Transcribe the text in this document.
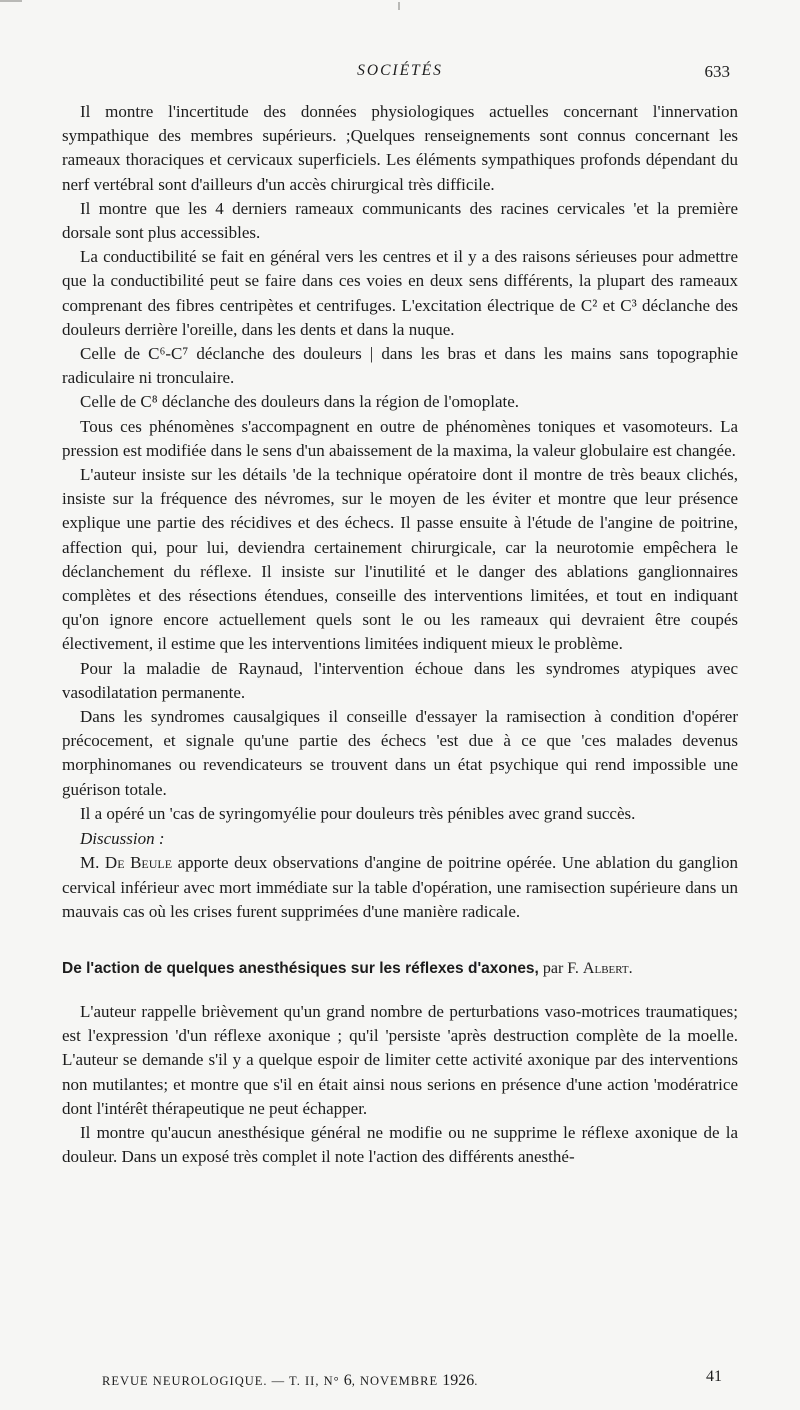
SOCIÉTÉS	633

Il montre l'incertitude des données physiologiques actuelles concernant l'innervation sympathique des membres supérieurs. ;Quelques renseignements sont connus concernant les rameaux thoraciques et cervicaux superficiels. Les éléments sympathiques profonds dépendant du nerf vertébral sont d'ailleurs d'un accès chirurgical très difficile.

Il montre que les 4 derniers rameaux communicants des racines cervicales 'et la première dorsale sont plus accessibles.

La conductibilité se fait en général vers les centres et il y a des raisons sérieuses pour admettre que la conductibilité peut se faire dans ces voies en deux sens différents, la plupart des rameaux comprenant des fibres centripètes et centrifuges. L'excitation électrique de C² et C³ déclanche des douleurs derrière l'oreille, dans les dents et dans la nuque.

Celle de C⁶-C⁷ déclanche des douleurs | dans les bras et dans les mains sans topographie radiculaire ni tronculaire.

Celle de C⁸ déclanche des douleurs dans la région de l'omoplate.

Tous ces phénomènes s'accompagnent en outre de phénomènes toniques et vasomoteurs. La pression est modifiée dans le sens d'un abaissement de la maxima, la valeur globulaire est changée.

L'auteur insiste sur les détails 'de la technique opératoire dont il montre de très beaux clichés, insiste sur la fréquence des névromes, sur le moyen de les éviter et montre que leur présence explique une partie des récidives et des échecs. Il passe ensuite à l'étude de l'angine de poitrine, affection qui, pour lui, deviendra certainement chirurgicale, car la neurotomie empêchera le déclanchement du réflexe. Il insiste sur l'inutilité et le danger des ablations ganglionnaires complètes et des résections étendues, conseille des interventions limitées, et tout en indiquant qu'on ignore encore actuellement quels sont le ou les rameaux qui devraient être coupés électivement, il estime que les interventions limitées indiquent mieux le problème.

Pour la maladie de Raynaud, l'intervention échoue dans les syndromes atypiques avec vasodilatation permanente.

Dans les syndromes causalgiques il conseille d'essayer la ramisection à condition d'opérer précocement, et signale qu'une partie des échecs 'est due à ce que 'ces malades devenus morphinomanes ou revendicateurs se trouvent dans un état psychique qui rend impossible une guérison totale.

Il a opéré un 'cas de syringomyélie pour douleurs très pénibles avec grand succès.

Discussion :

M. De Beule apporte deux observations d'angine de poitrine opérée. Une ablation du ganglion cervical inférieur avec mort immédiate sur la table d'opération, une ramisection supérieure dans un mauvais cas où les crises furent supprimées d'une manière radicale.

De l'action de quelques anesthésiques sur les réflexes d'axones, par F. Albert.

L'auteur rappelle brièvement qu'un grand nombre de perturbations vaso-motrices traumatiques; est l'expression 'd'un réflexe axonique ; qu'il 'persiste 'après destruction complète de la moelle. L'auteur se demande s'il y a quelque espoir de limiter cette activité axonique par des interventions non mutilantes; et montre que s'il en était ainsi nous serions en présence d'une action 'modératrice dont l'intérêt thérapeutique ne peut échapper.

Il montre qu'aucun anesthésique général ne modifie ou ne supprime le réflexe axonique de la douleur. Dans un exposé très complet il note l'action des différents anesthé-

REVUE NEUROLOGIQUE. — T. II, N° 6, NOVEMBRE 1926.	41
